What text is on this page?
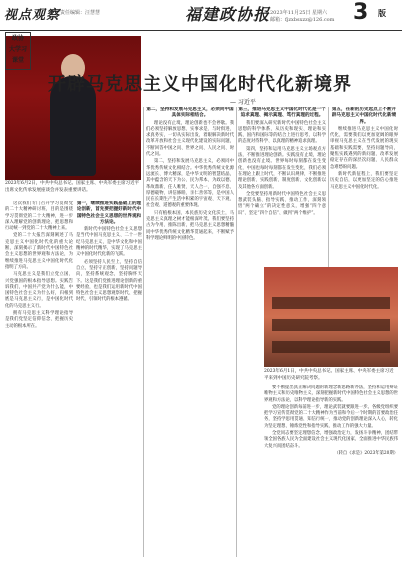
视点观察 责任编辑：汪慧慧	福建政协报 2023年11月25日 星期六
邮箱：fjzxbsxzz@126.com 3 版
政协
大学习
课堂
开辟马克思主义中国化时代化新境界
— 习近平
2023年6月2日，中共中央总书记、国家主席、中央军委主席习近平出席文化传承发展座谈会并发表重要讲话。

这次我们专门召开学习贯彻党的二十大精神研讨班，目的是围绕学习贯彻党的二十大精神，进一步深入理解党的创新理论，把思想和行动统一到党的二十大精神上来。

党的二十大报告深刻阐述了马克思主义中国化时代化的重大论断，深刻揭示了新时代中国特色社会主义思想的世界观和方法论，为继续推进马克思主义中国化时代化指明了方向。

马克思主义是我们立党立国、兴党强国的根本指导思想。实践告诉我们，中国共产党为什么能，中国特色社会主义为什么好，归根到底是马克思主义行，是中国化时代化的马克思主义行。

拥有马克思主义科学理论指导是我们党坚定信仰信念、把握历史主动的根本所在。

第一，继续推进实践基础上的理论创新，首先要把握好新时代中国特色社会主义思想的世界观和方法论。

新时代中国特色社会主义思想是当代中国马克思主义、二十一世纪马克思主义，是中华文化和中国精神的时代精华，实现了马克思主义中国化时代化新的飞跃。

必须坚持人民至上，坚持自信自立，坚持守正创新，坚持问题导向，坚持系统观念，坚持胸怀天下。这是我们党推进理论创新的重要经验，也是我们运用新时代中国特色社会主义思想观察时代、把握时代、引领时代的根本遵循。

第二，坚持和发展马克思主义，必须同中国具体实际相结合。

理论没有止境，理论创新也不会停歇。我们必须坚持解放思想、实事求是、与时俱进、求真务实，一切从实际出发，着眼解决新时代改革开放和社会主义现代化建设的实际问题，不断回答中国之问、世界之问、人民之问、时代之问。

第二，坚持和发展马克思主义，必须同中华优秀传统文化相结合。中华优秀传统文化源远流长、博大精深，是中华文明的智慧结晶，其中蕴含的天下为公、民为邦本、为政以德、革故鼎新、任人唯贤、天人合一、自强不息、厚德载物、讲信修睦、亲仁善邻等，是中国人民在长期生产生活中积累的宇宙观、天下观、社会观、道德观的重要体现。

只有植根本国、本民族历史文化沃土，马克思主义真理之树才能根深叶茂。我们要坚持古为今用、推陈出新，把马克思主义思想精髓同中华优秀传统文化精华贯通起来，不断赋予科学理论鲜明的中国特色。

第三，推进马克思主义中国化时代化是一个追求真理、揭示真理、笃行真理的过程。

我们要深入研究新时代中国特色社会主义思想的科学体系，从历史和现实、理论和实践、国内和国际等的结合上进行思考，以科学的态度对待科学、以真理的精神追求真理。

第四，坚持和运用马克思主义立场观点方法，不断推进理论创新。实践没有止境，理论创新也没有止境。世界每时每刻都在发生变化，中国也每时每刻都在发生变化，我们必须在理论上跟上时代，不断认识规律，不断推进理论创新、实践创新、制度创新、文化创新以及其他各方面创新。

全党要坚持用新时代中国特色社会主义思想武装头脑、指导实践、推动工作，深刻领悟“两个确立”的决定性意义，增强“四个意识”、坚定“四个自信”、做到“两个维护”。

第五，在新的历史起点上不断开辟马克思主义中国化时代化新境界。

继续推进马克思主义中国化时代化，需要我们以更加宽阔的眼界审视马克思主义在当代发展的现实基础和实践需要，坚持问题导向，聚焦实践遇到的新问题、改革发展稳定存在的深层次问题、人民群众急难愁盼问题。

新时代新征程上，我们要坚定历史自信，以更加坚定的信心推进马克思主义中国化时代化。

2023年6月1日，中共中央总书记、国家主席、中央军委主席习近平来到中国历史研究院考察。

要不断提出真正解决问题的新理念新思路新办法，坚持和运用辩证唯物主义和历史唯物主义，深刻把握新时代中国特色社会主义思想的世界观和方法论，以科学理论指导新的实践。

党的理论创新每前进一步，理论武装就要跟进一步。各级党组织要把学习宣传贯彻党的二十大精神作为当前和今后一个时期的首要政治任务，坚持学思用贯通、知信行统一，推动党的创新理论深入人心，转化为坚定理想、锤炼党性和指导实践、推动工作的强大力量。

全党同志要坚定理想信念，增强政治定力，发扬斗争精神，团结带领全国各族人民为全面建设社会主义现代化国家、全面推进中华民族伟大复兴而团结奋斗。

（转自《求是》2023年第20期）
